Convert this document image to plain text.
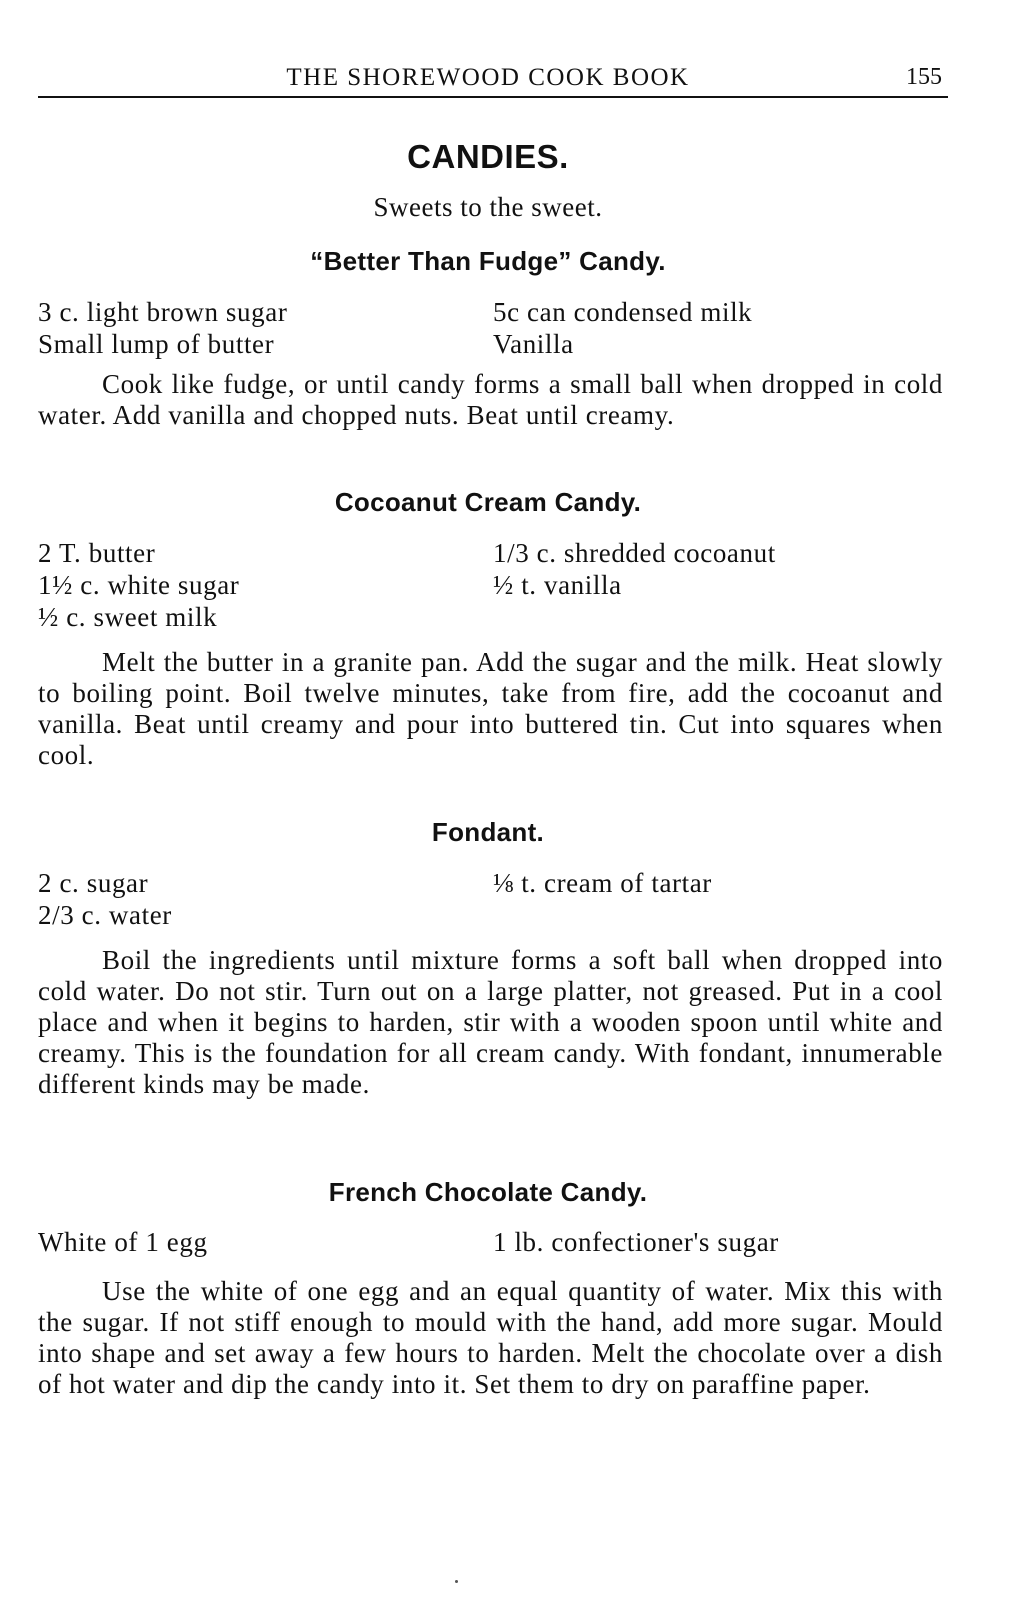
THE SHOREWOOD COOK BOOK	155
CANDIES.
Sweets to the sweet.
“Better Than Fudge” Candy.
3 c. light brown sugar	5c can condensed milk
Small lump of butter	Vanilla

Cook like fudge, or until candy forms a small ball when dropped in cold water. Add vanilla and chopped nuts. Beat until creamy.

Cocoanut Cream Candy.
2 T. butter	1/3 c. shredded cocoanut
1½ c. white sugar	½ t. vanilla
½ c. sweet milk

Melt the butter in a granite pan. Add the sugar and the milk. Heat slowly to boiling point. Boil twelve minutes, take from fire, add the cocoanut and vanilla. Beat until creamy and pour into buttered tin. Cut into squares when cool.

Fondant.
2 c. sugar	⅛ t. cream of tartar
2/3 c. water

Boil the ingredients until mixture forms a soft ball when dropped into cold water. Do not stir. Turn out on a large platter, not greased. Put in a cool place and when it begins to harden, stir with a wooden spoon until white and creamy. This is the foundation for all cream candy. With fondant, innumerable different kinds may be made.

French Chocolate Candy.
White of 1 egg	1 lb. confectioner's sugar

Use the white of one egg and an equal quantity of water. Mix this with the sugar. If not stiff enough to mould with the hand, add more sugar. Mould into shape and set away a few hours to harden. Melt the chocolate over a dish of hot water and dip the candy into it. Set them to dry on paraffine paper.
